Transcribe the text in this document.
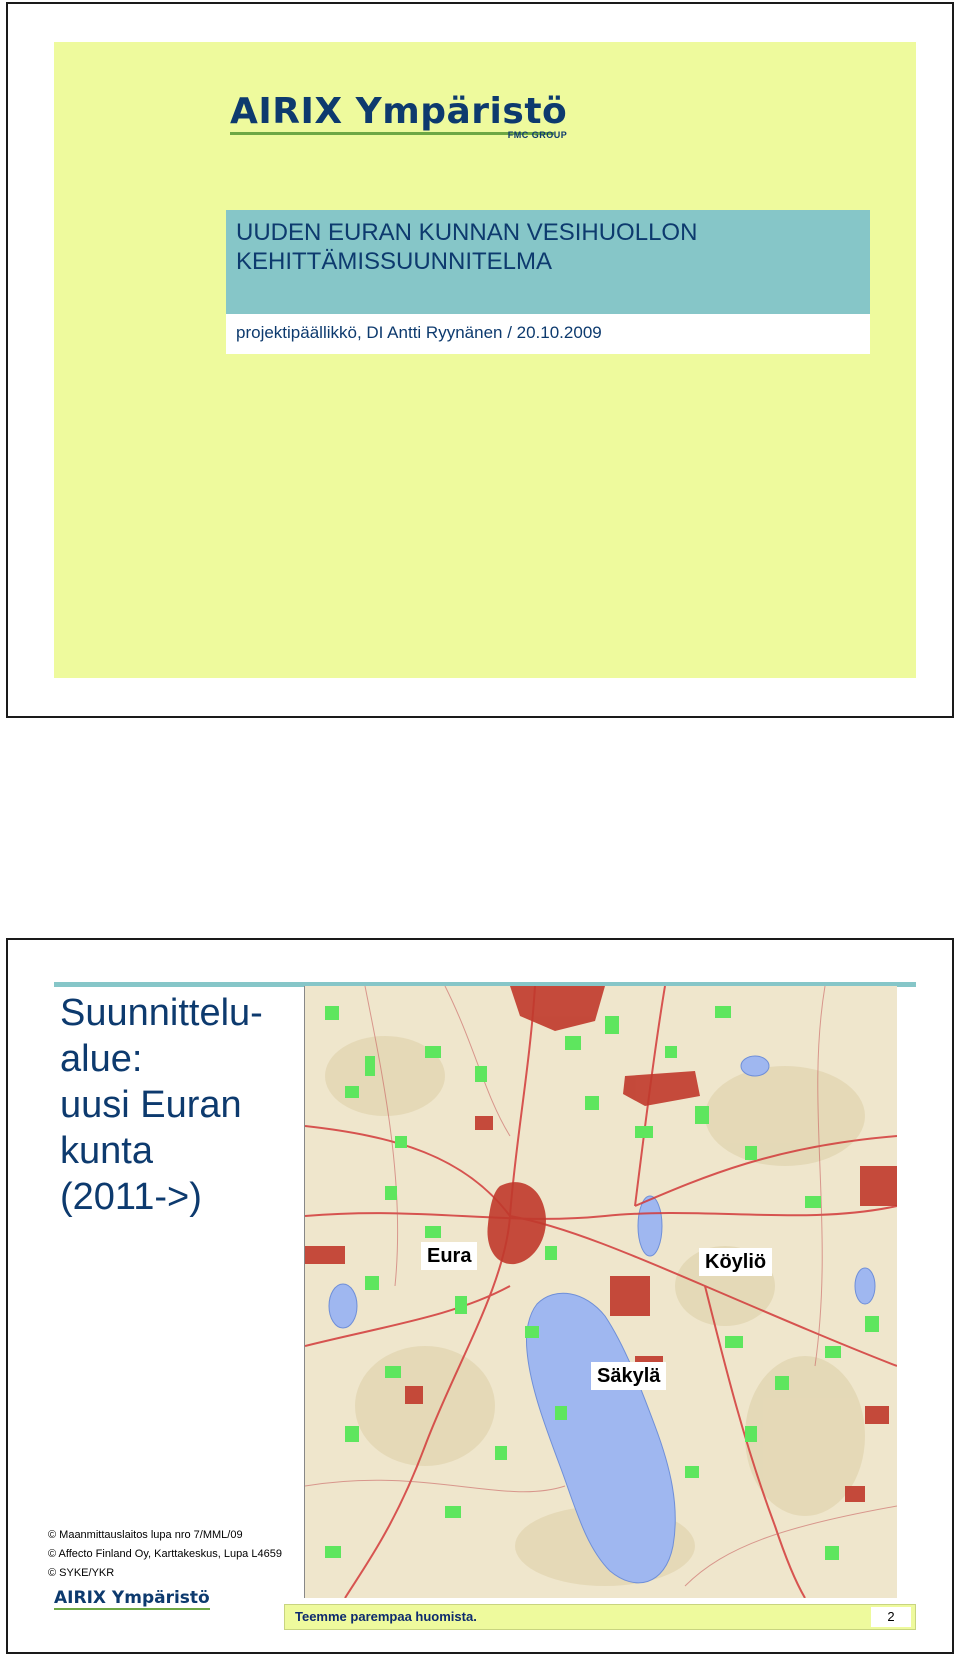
AIRIX Ympäristö
FMC GROUP
UUDEN EURAN KUNNAN VESIHUOLLON KEHITTÄMISSUUNNITELMA
projektipäällikkö, DI Antti Ryynänen / 20.10.2009
Suunnittelu-
alue:
uusi Euran
kunta
(2011->)
Eura	Köyliö
Säkylä
© Maanmittauslaitos lupa nro 7/MML/09
© Affecto Finland Oy, Karttakeskus, Lupa L4659
© SYKE/YKR
AIRIX Ympäristö
Teemme parempaa huomista.	2
